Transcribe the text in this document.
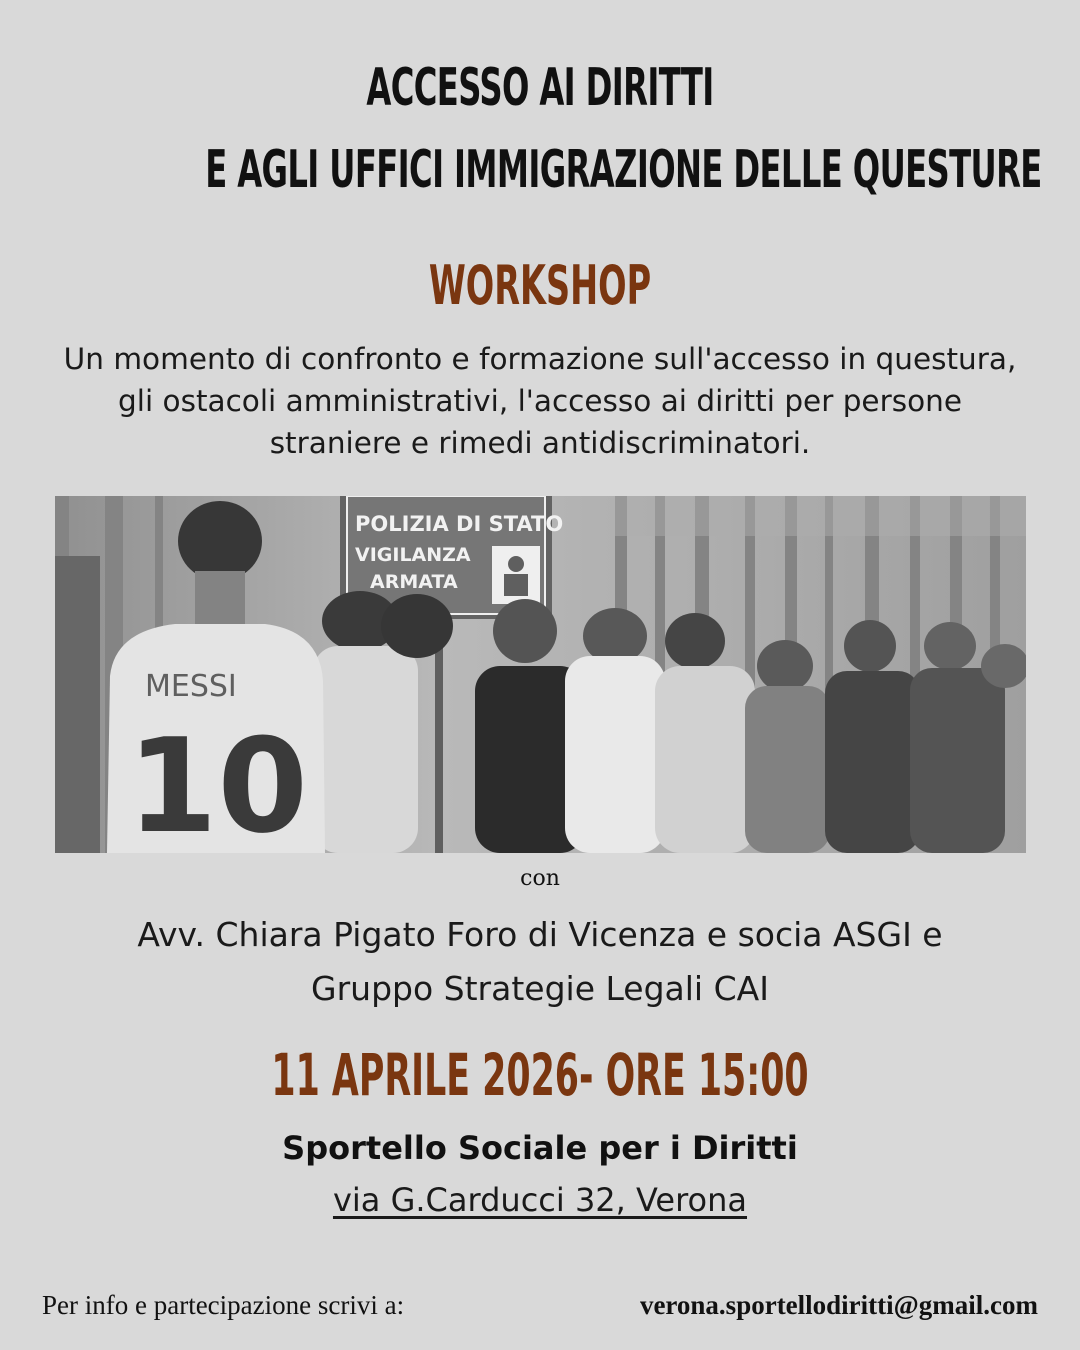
ACCESSO AI DIRITTI
E AGLI UFFICI IMMIGRAZIONE DELLE QUESTURE
WORKSHOP
Un momento di confronto e formazione sull'accesso in questura, gli ostacoli amministrativi, l'accesso ai diritti per persone straniere e rimedi antidiscriminatori.
POLIZIA DI STATO
VIGILANZA
ARMATA
MESSI
10
con
Avv. Chiara Pigato Foro di Vicenza e socia ASGI e
Gruppo Strategie Legali CAI
11 APRILE 2026- ORE 15:00
Sportello Sociale per i Diritti
via G.Carducci 32, Verona
Per info e partecipazione scrivi a:	verona.sportellodiritti@gmail.com
